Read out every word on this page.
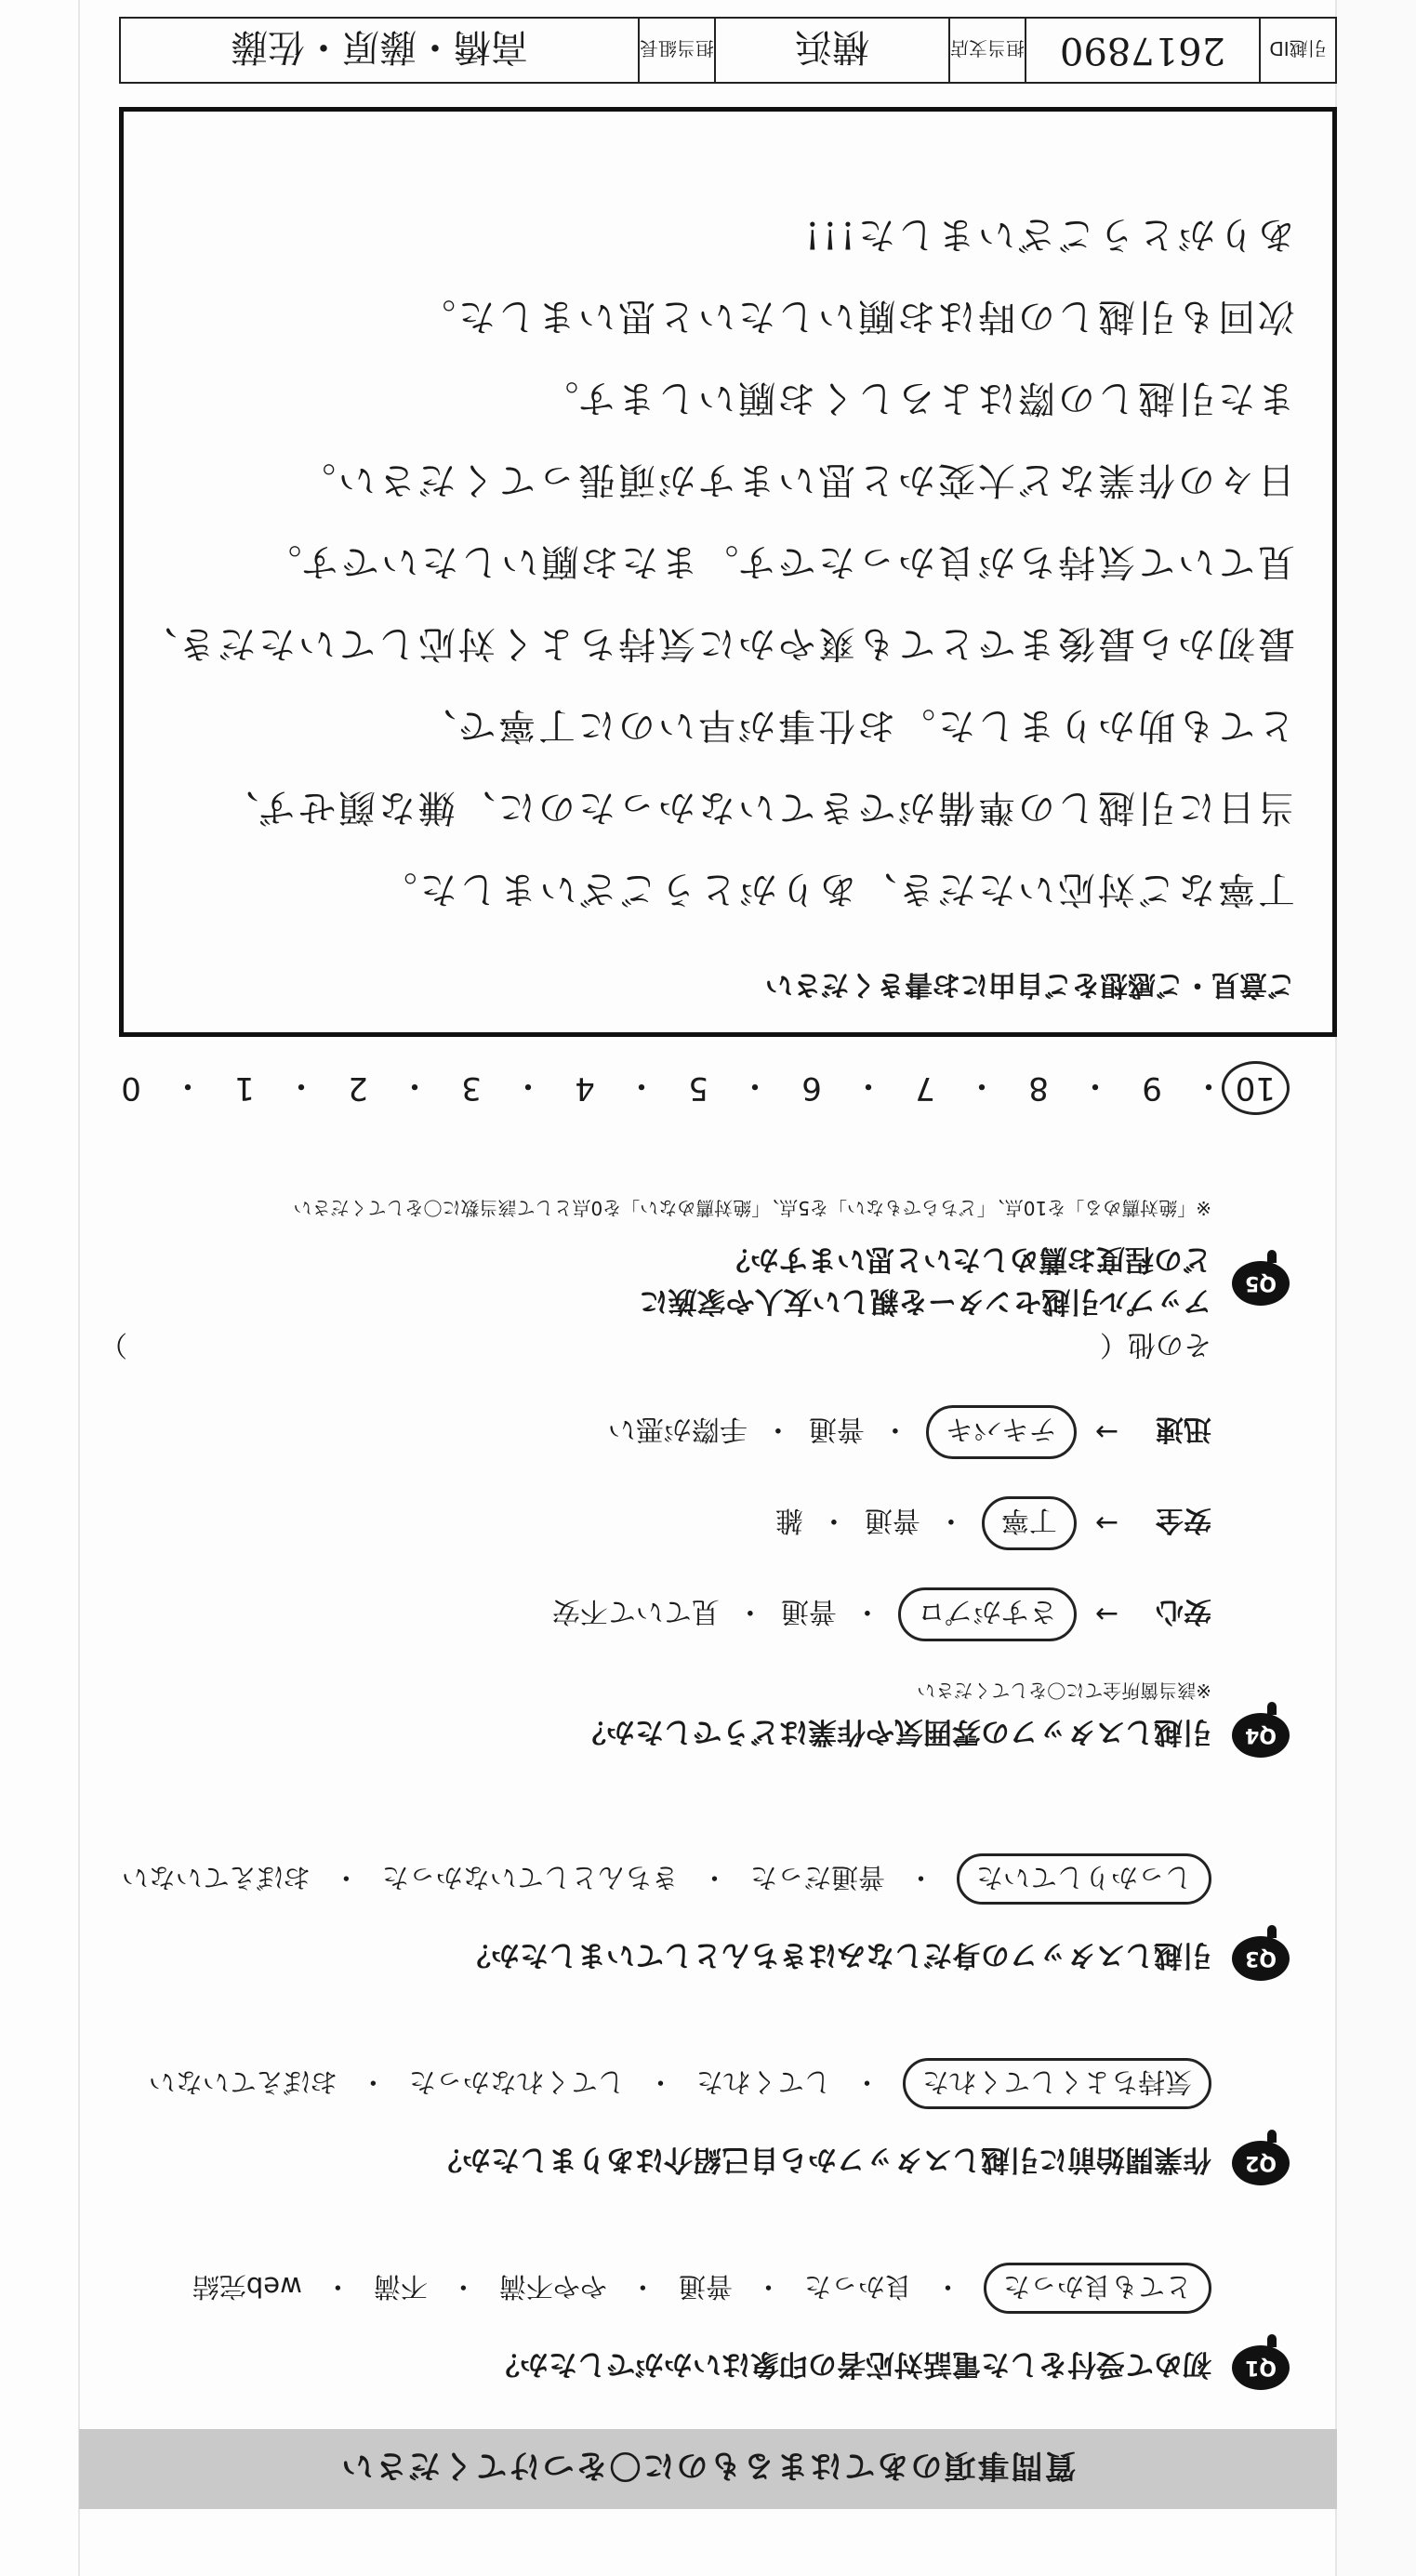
質問事項のあてはまるものに〇をつけてください
Q1
初めて受付をした電話対応者の印象はいかがでしたか？
とても良かった
・
良かった
・
普通
・
やや不満
・
不満
・
web完結
Q2
作業開始前に引越しスタッフから自己紹介はありましたか？
気持ちよくしてくれた
・
してくれた
・
してくれなかった
・
おぼえていない
Q3
引越しスタッフの身だしなみはきちんとしていましたか？
しっかりしていた
・
普通だった
・
きちんとしていなかった
・
おぼえていない
Q4
引越しスタッフの雰囲気や作業はどうでしたか？
※該当箇所全てに〇をしてください
安心
→
さすがプロ
・
普通
・
見ていて不安
安全
→
丁寧
・
普通
・
雑
迅速
→
テキパキ
・
普通
・
手際が悪い
その他（
）
Q5
アップル引越センターを親しい友人や家族に
どの程度お薦めしたいと思いますか？
※「絶対薦める」を10点、「どちらでもない」を5点、「絶対薦めない」を0点として該当数に〇をしてください
10
・
9
・
8
・
7
・
6
・
5
・
4
・
3
・
2
・
1
・
0
ご意見・ご感想をご自由にお書きください
丁寧なご対応いただき、ありがとうございました。
当日に引越しの準備ができていなかったのに、嫌な顔せず、
とても助かりました。お仕事が早いのに丁寧で、
最初から最後までとても爽やかに気持ちよく対応していただき、
見ていて気持ちが良かったです。またお願いしたいです。
日々の作業など大変かと思いますが頑張ってください。
また引越しの際はよろしくお願いします。
次回も引越しの時はお願いしたいと思いました。
ありがとうございました!!!
引越ID
2617890
担当支店
横浜
担当組長
高橋・藤原・佐藤
